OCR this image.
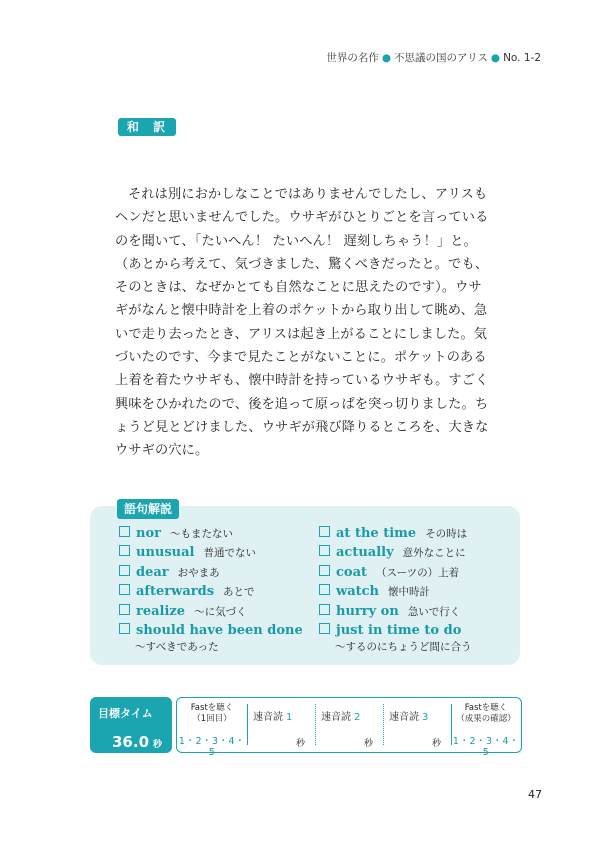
世界の名作 ● 不思議の国のアリス ● No. 1-2
和 訳

それは別におかしなことではありませんでしたし、アリスもヘンだと思いませんでした。ウサギがひとりごとを言っているのを聞いて、「たいへん！ たいへん！ 遅刻しちゃう！」と。（あとから考えて、気づきました、驚くべきだったと。でも、そのときは、なぜかとても自然なことに思えたのです）。ウサギがなんと懐中時計を上着のポケットから取り出して眺め、急いで走り去ったとき、アリスは起き上がることにしました。気づいたのです、今まで見たことがないことに。ポケットのある上着を着たウサギも、懐中時計を持っているウサギも。すごく興味をひかれたので、後を追って原っぱを突っ切りました。ちょうど見とどけました、ウサギが飛び降りるところを、大きなウサギの穴に。

語句解説
nor 〜もまたない
unusual 普通でない
dear おやまあ
afterwards あとで
realize 〜に気づく
should have been done
〜すべきであった
at the time その時は
actually 意外なことに
coat （スーツの）上着
watch 懐中時計
hurry on 急いで行く
just in time to do
〜するのにちょうど間に合う
目標タイム
36.0 秒
Fastを聴く
（1回目）
1・2・3・4・5
速音読 1
秒
速音読 2
秒
速音読 3
秒
Fastを聴く
（成果の確認）
1・2・3・4・5
47
